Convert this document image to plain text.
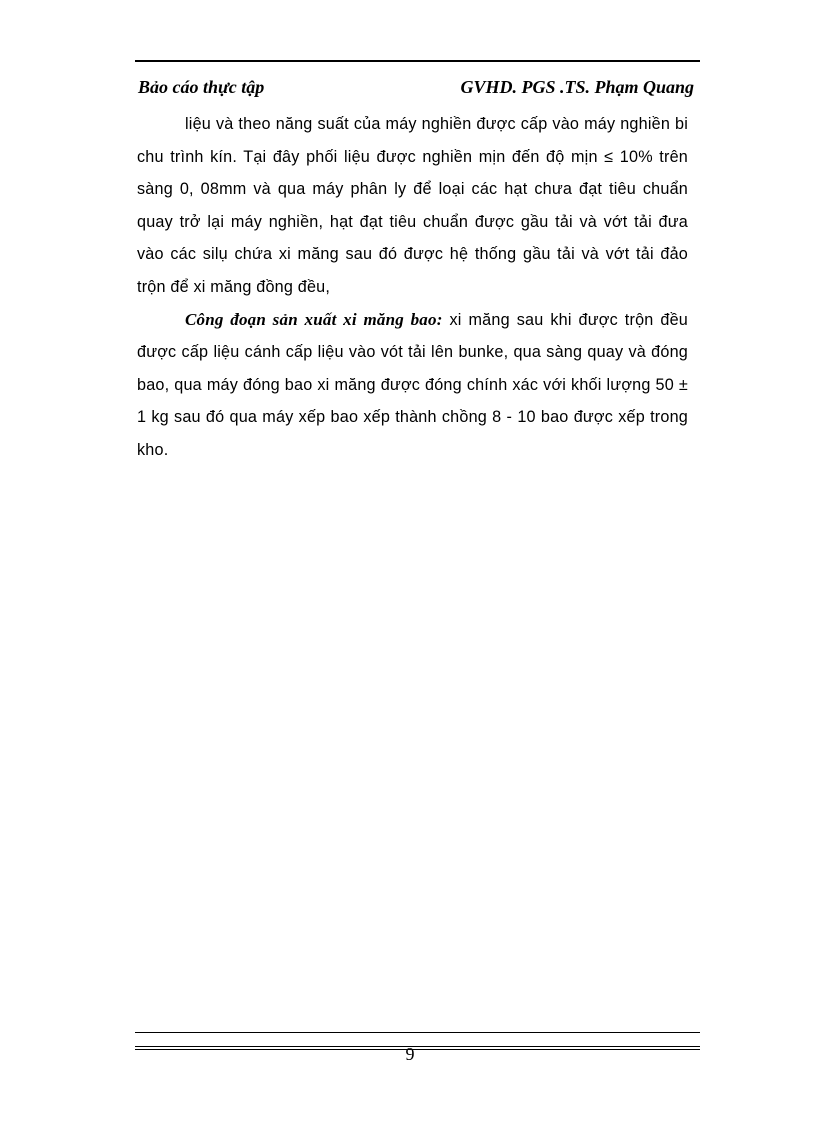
Bảo cáo thực tập	GVHD. PGS .TS. Phạm Quang

liệu và theo năng suất của máy nghiền được cấp vào máy nghiền bi chu trình kín. Tại đây phối liệu được nghiền mịn đến độ mịn ≤ 10% trên sàng 0, 08mm và qua máy phân ly để loại các hạt chưa đạt tiêu chuẩn quay trở lại máy nghiền, hạt đạt tiêu chuẩn được gầu tải và vớt tải đưa vào các silụ chứa xi măng sau đó được hệ thống gầu tải và vớt tải đảo trộn để xi măng đồng đều,

Công đoạn sản xuất xi măng bao: xi măng sau khi được trộn đều được cấp liệu cánh cấp liệu vào vót tải lên bunke, qua sàng quay và đóng bao, qua máy đóng bao xi măng được đóng chính xác với khối lượng 50 ± 1 kg sau đó qua máy xếp bao xếp thành chồng 8 - 10 bao được xếp trong kho.

9
